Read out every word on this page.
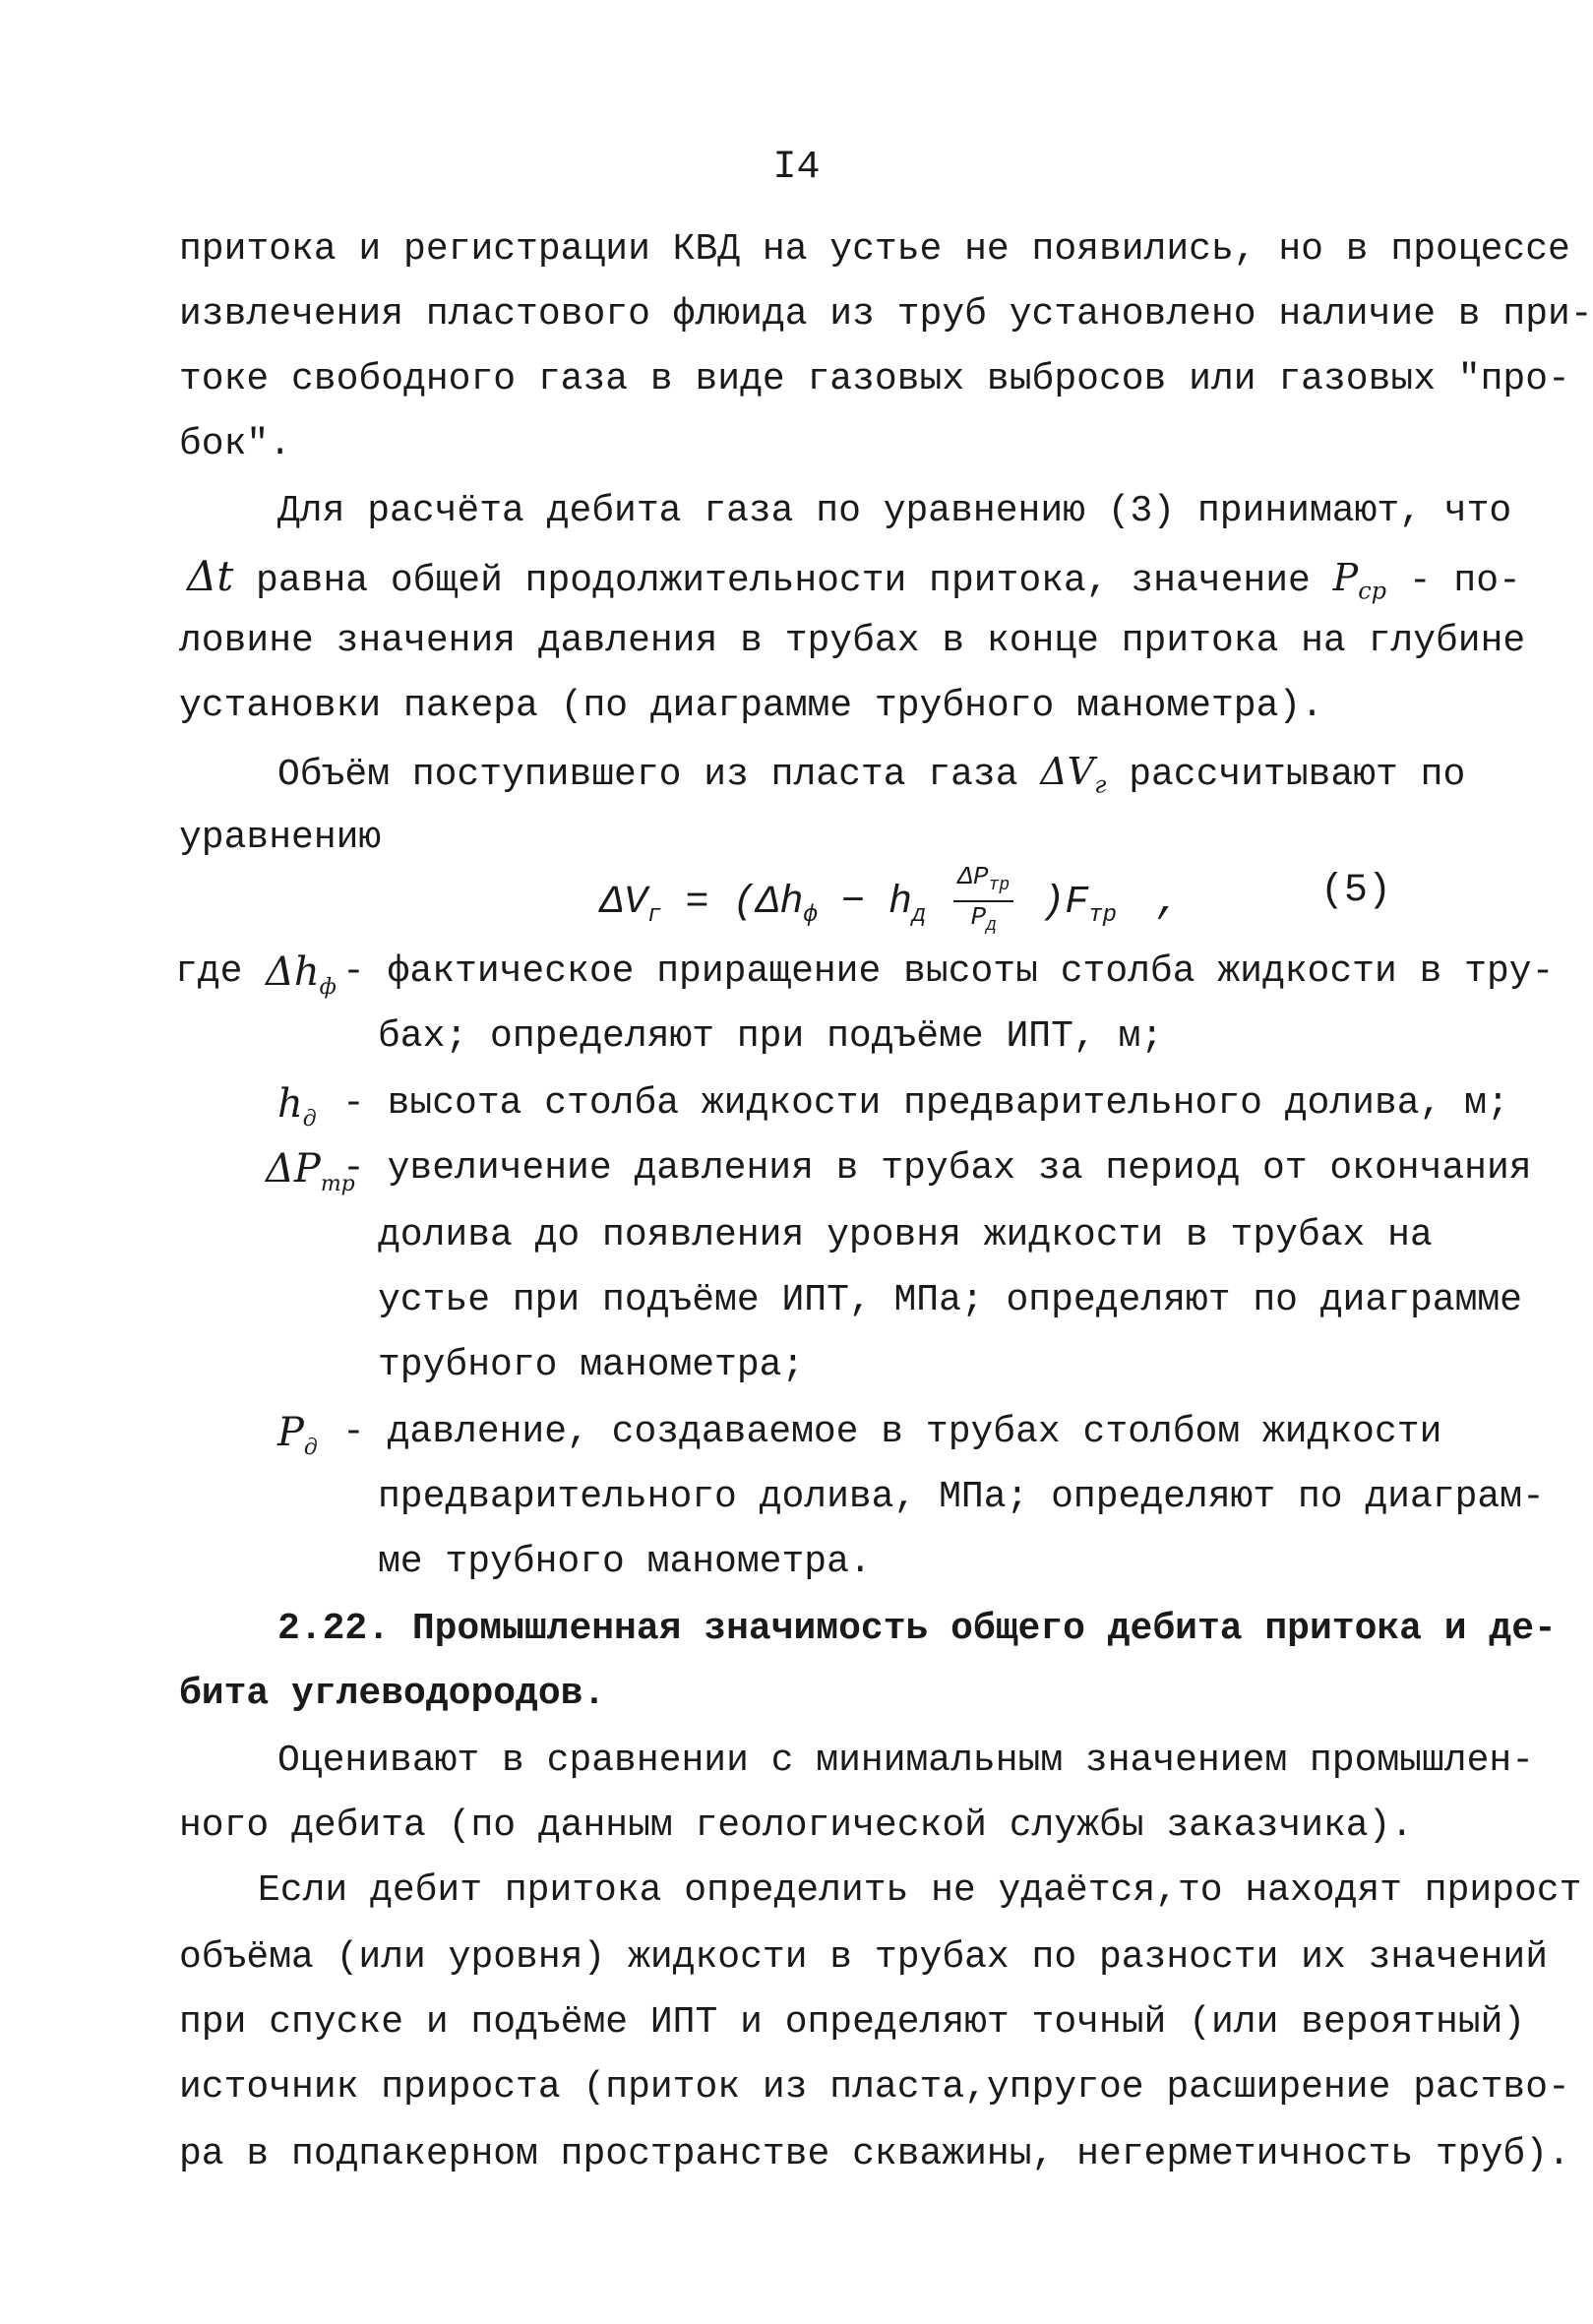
I4
притока и регистрации КВД на устье не появились, но в процессе
извлечения пластового флюида из труб установлено наличие в при-
токе свободного газа в виде газовых выбросов или газовых "про-
бок".
Для расчёта дебита газа по уравнению (3) принимают, что
Δt равна общей продолжительности притока, значение $P_{ср} - по-$
ловине значения давления в трубах в конце притока на глубине
установки пакера (по диаграмме трубного манометра).
Объём поступившего из пласта газа $\Delta V_г$ рассчитывают по
уравнению
$\Delta V_г = (\Delta h_ф - h_д \frac{\Delta P_{тр}}{P_д} )F_{тр}$ ,	(5)
где $\Delta h_ф$ - фактическое приращение высоты столба жидкости в тру-
бах; определяют при подъёме ИПТ, м;
$h_д$ - высота столба жидкости предварительного долива, м;
$\Delta P_{тр}$
- увеличение давления в трубах за период от окончания
долива до появления уровня жидкости в трубах на
устье при подъёме ИПТ, МПа; определяют по диаграмме
трубного манометра;
$P_д$ - давление, создаваемое в трубах столбом жидкости
предварительного долива, МПа; определяют по диаграм-
ме трубного манометра.
2.22. Промышленная значимость общего дебита притока и де-
бита углеводородов.
Оценивают в сравнении с минимальным значением промышлен-
ного дебита (по данным геологической службы заказчика).
Если дебит притока определить не удаётся,то находят прирост
объёма (или уровня) жидкости в трубах по разности их значений
при спуске и подъёме ИПТ и определяют точный (или вероятный)
источник прироста (приток из пласта,упругое расширение раство-
ра в подпакерном пространстве скважины, негерметичность труб).
